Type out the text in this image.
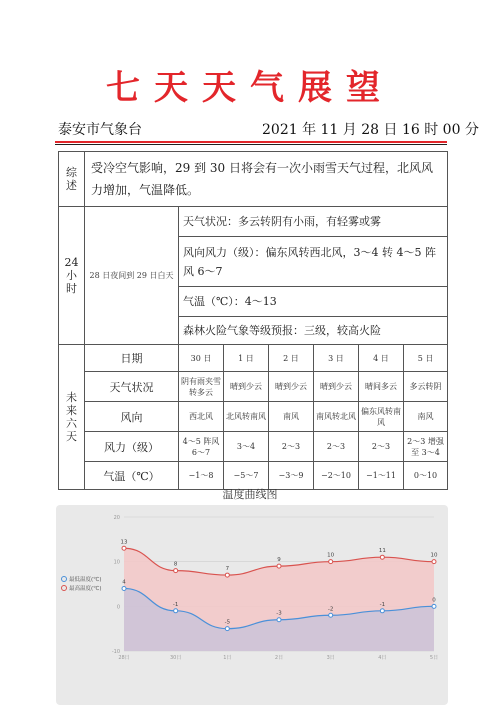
七天天气展望
泰安市气象台	2021 年 11 月 28 日 16 时 00 分
综
述	受冷空气影响，29 到 30 日将会有一次小雨雪天气过程，北风风力增加，气温降低。						
24
小
时	28 日夜间到 29 日白天	天气状况：多云转阴有小雨，有轻雾或雾					
		风向风力（级）：偏东风转西北风，3～4 转 4～5 阵风 6～7					
		气温（℃）：4～13					
		森林火险气象等级预报：三级，较高火险					
未
来
六
天	日期	30 日	1 日	2 日	3 日	4 日	5 日
	天气状况	阴有雨夹雪转多云	晴到少云	晴到少云	晴到少云	晴间多云	多云转阴
	风向	西北风	北风转南风	南风	南风转北风	偏东风转南风	南风
	风力（级）	4～5 阵风 6～7	3～4	2～3	2～3	2～3	2～3 增强至 3～4
	气温（℃）	−1～8	−5～7	−3～9	−2～10	−1～11	0～10
温度曲线图
20
10
0
-10
28日	30日	1日	2日	3日	4日	5日
13
8
7
9
10
11
10
4
-1
-5
-3
-2
-1
0
最低温度(℃)
最高温度(℃)
